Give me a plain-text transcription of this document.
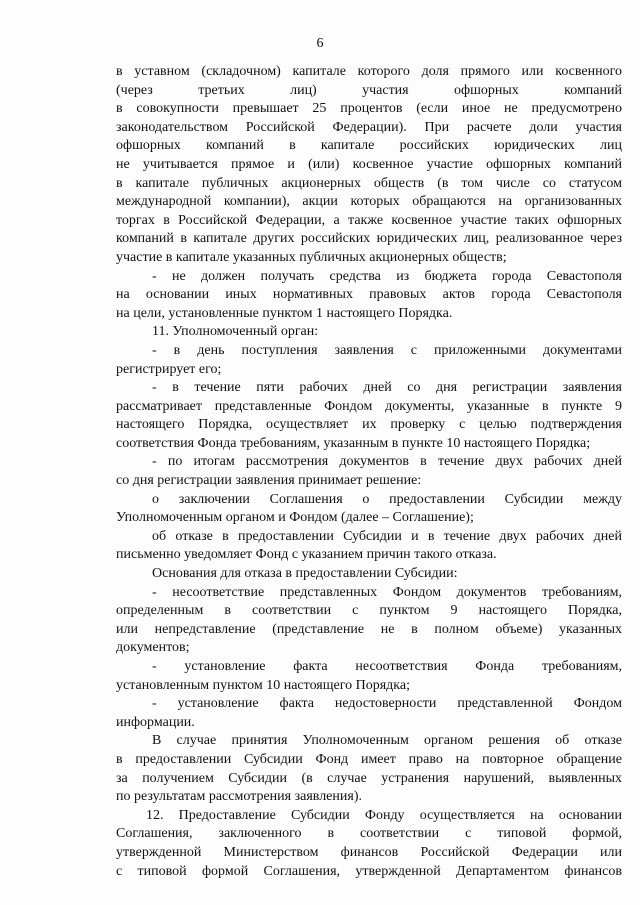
6
в уставном (складочном) капитале которого доля прямого или косвенного
(через третьих лиц) участия офшорных компаний
в совокупности превышает 25 процентов (если иное не предусмотрено
законодательством Российской Федерации). При расчете доли участия
офшорных компаний в капитале российских юридических лиц
не учитывается прямое и (или) косвенное участие офшорных компаний
в капитале публичных акционерных обществ (в том числе со статусом
международной компании), акции которых обращаются на организованных
торгах в Российской Федерации, а также косвенное участие таких офшорных
компаний в капитале других российских юридических лиц, реализованное через
участие в капитале указанных публичных акционерных обществ;
- не должен получать средства из бюджета города Севастополя
на основании иных нормативных правовых актов города Севастополя
на цели, установленные пунктом 1 настоящего Порядка.
11. Уполномоченный орган:
- в день поступления заявления с приложенными документами
регистрирует его;
- в течение пяти рабочих дней со дня регистрации заявления
рассматривает представленные Фондом документы, указанные в пункте 9
настоящего Порядка, осуществляет их проверку с целью подтверждения
соответствия Фонда требованиям, указанным в пункте 10 настоящего Порядка;
- по итогам рассмотрения документов в течение двух рабочих дней
со дня регистрации заявления принимает решение:
о заключении Соглашения о предоставлении Субсидии между
Уполномоченным органом и Фондом (далее – Соглашение);
об отказе в предоставлении Субсидии и в течение двух рабочих дней
письменно уведомляет Фонд с указанием причин такого отказа.
Основания для отказа в предоставлении Субсидии:
- несоответствие представленных Фондом документов требованиям,
определенным в соответствии с пунктом 9 настоящего Порядка,
или непредставление (представление не в полном объеме) указанных
документов;
- установление факта несоответствия Фонда требованиям,
установленным пунктом 10 настоящего Порядка;
- установление факта недостоверности представленной Фондом
информации.
В случае принятия Уполномоченным органом решения об отказе
в предоставлении Субсидии Фонд имеет право на повторное обращение
за получением Субсидии (в случае устранения нарушений, выявленных
по результатам рассмотрения заявления).
12. Предоставление Субсидии Фонду осуществляется на основании
Соглашения, заключенного в соответствии с типовой формой,
утвержденной Министерством финансов Российской Федерации или
с типовой формой Соглашения, утвержденной Департаментом финансов
